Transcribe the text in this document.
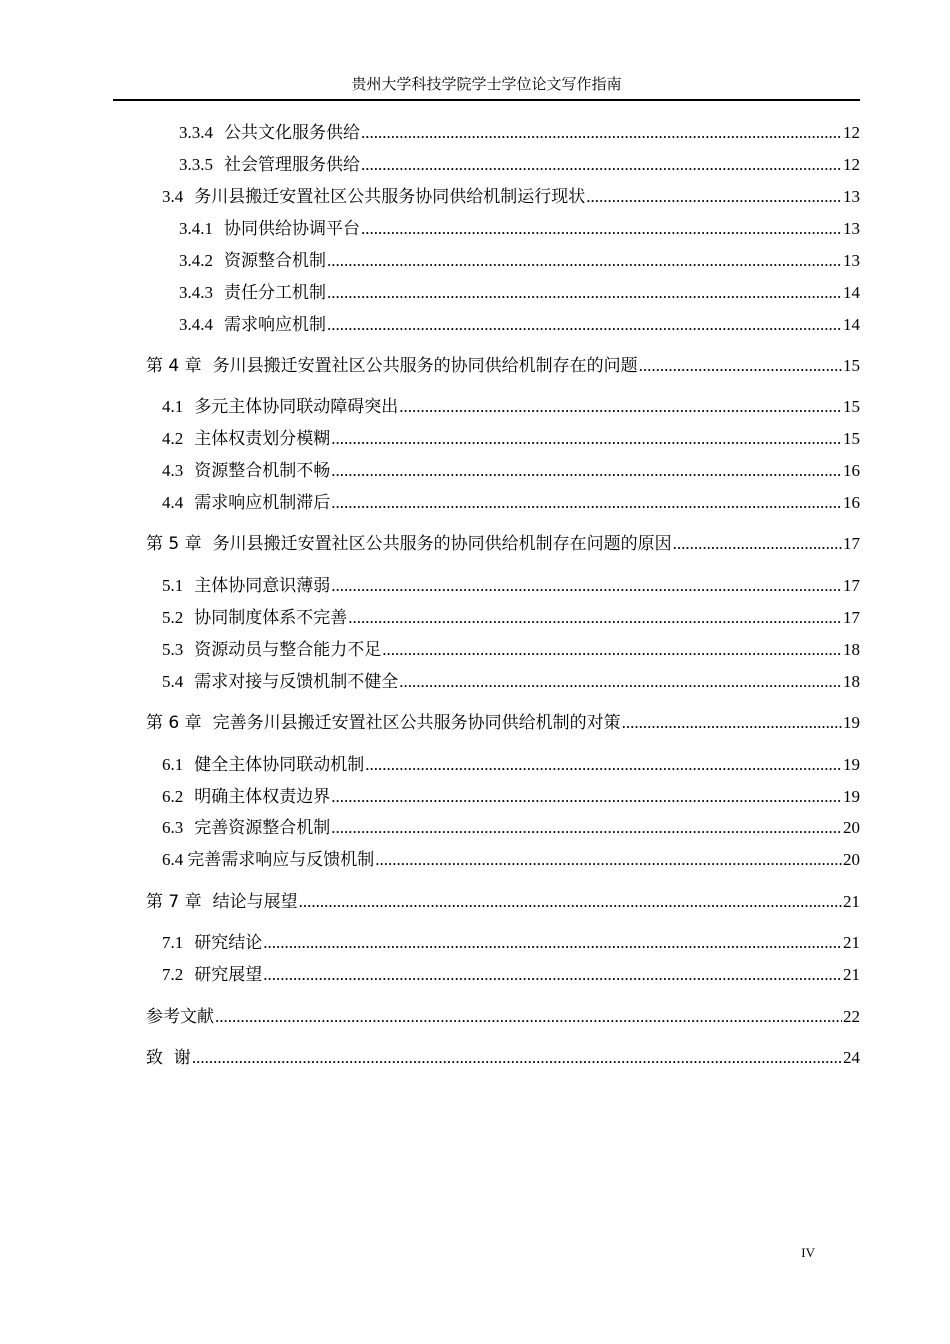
贵州大学科技学院学士学位论文写作指南
3.3.4 公共文化服务供给 .....	12
3.3.5 社会管理服务供给 .....	12
3.4 务川县搬迁安置社区公共服务协同供给机制运行现状 .....	13
3.4.1 协同供给协调平台 .....	13
3.4.2 资源整合机制 .....	13
3.4.3 责任分工机制 .....	14
3.4.4 需求响应机制 .....	14
第 4 章 务川县搬迁安置社区公共服务的协同供给机制存在的问题 .....	15
4.1 多元主体协同联动障碍突出 .....	15
4.2 主体权责划分模糊 .....	15
4.3 资源整合机制不畅 .....	16
4.4 需求响应机制滞后 .....	16
第 5 章 务川县搬迁安置社区公共服务的协同供给机制存在问题的原因 .....	17
5.1 主体协同意识薄弱 .....	17
5.2 协同制度体系不完善 .....	17
5.3 资源动员与整合能力不足 .....	18
5.4 需求对接与反馈机制不健全 .....	18
第 6 章 完善务川县搬迁安置社区公共服务协同供给机制的对策 .....	19
6.1 健全主体协同联动机制 .....	19
6.2 明确主体权责边界 .....	19
6.3 完善资源整合机制 .....	20
6.4 完善需求响应与反馈机制 .....	20
第 7 章 结论与展望 .....	21
7.1 研究结论 .....	21
7.2 研究展望 .....	21
参考文献 .....	22
致  谢 .....	24
IV
